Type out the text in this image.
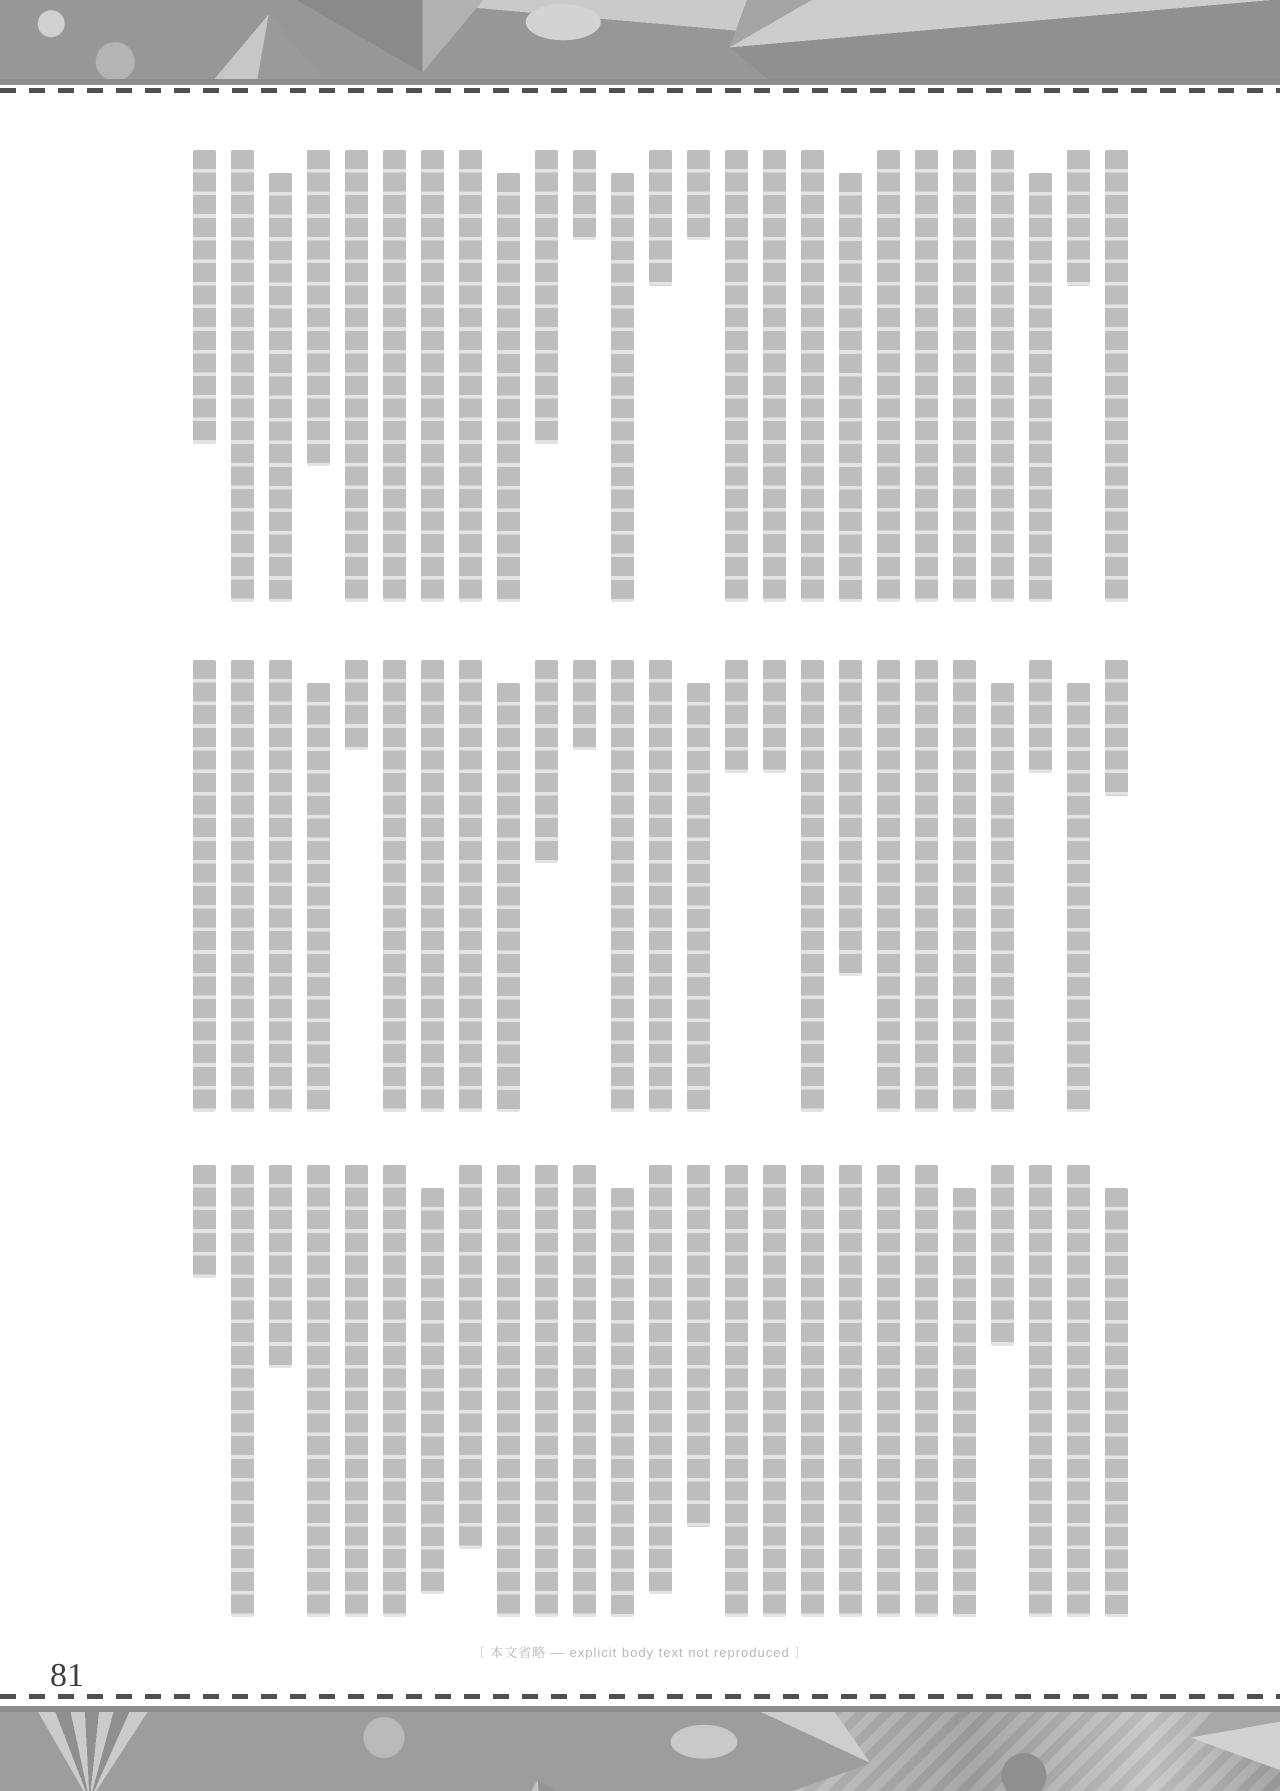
〔 本文省略 — explicit body text not reproduced 〕
81
